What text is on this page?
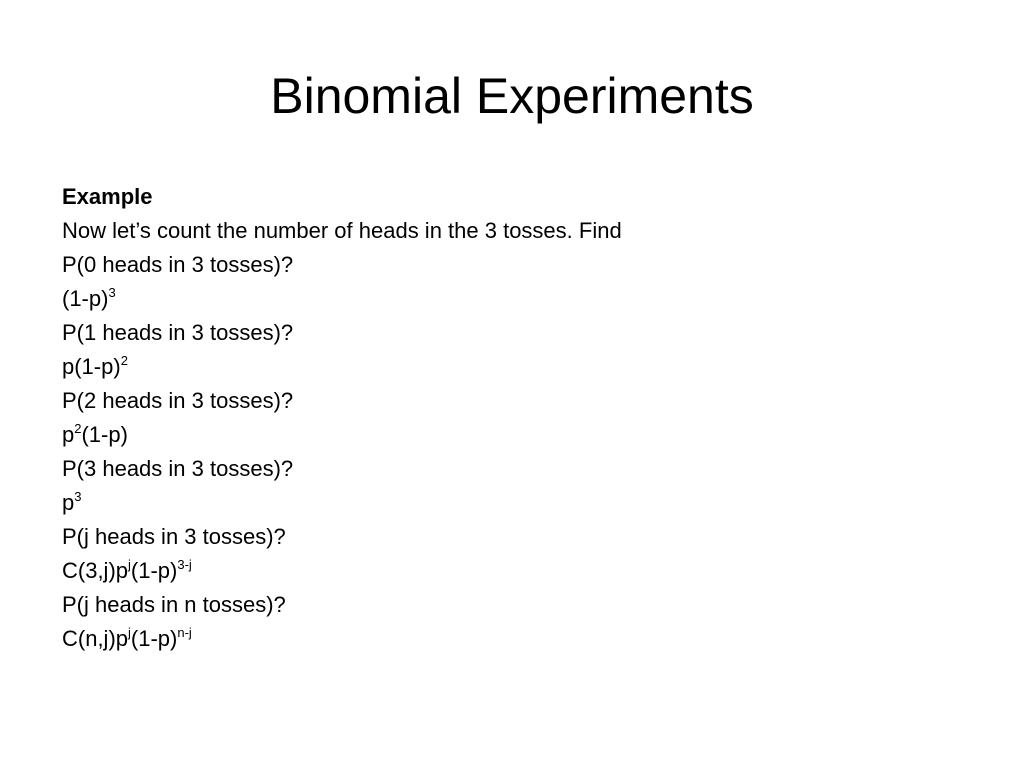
Binomial Experiments
Example
Now let’s count the number of heads in the 3 tosses. Find
P(0 heads in 3 tosses)?
$(1-p)^3$
P(1 heads in 3 tosses)?
$p(1-p)^2$
P(2 heads in 3 tosses)?
$p^2(1-p)$
P(3 heads in 3 tosses)?
$p^3$
P(j heads in 3 tosses)?
$C(3,j)p^j(1-p)^{3-j}$
P(j heads in n tosses)?
$C(n,j)p^j(1-p)^{n-j}$
